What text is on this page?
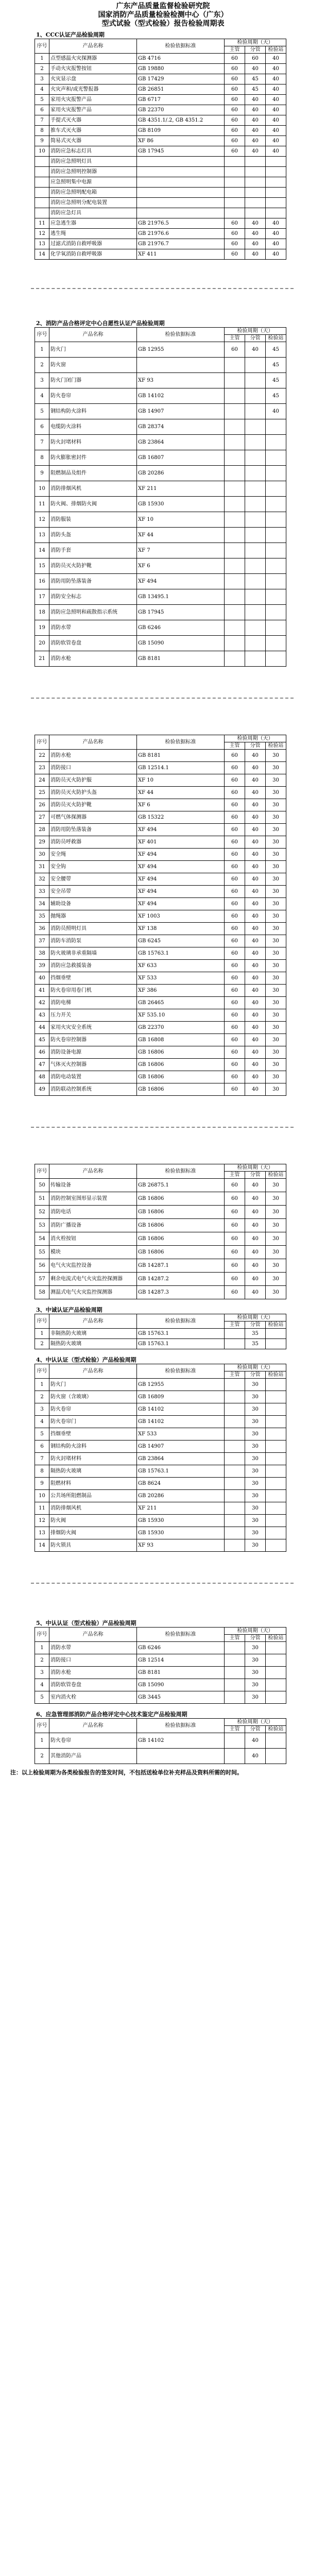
广东产品质量监督检验研究院
国家消防产品质量检验检测中心（广东）
型式试验（型式检验）报告检验周期表
1、CCC认证产品检验周期
序号	产品名称	检验依据标准	检验周期（天）		
			主管	分管	检验站
1	点型感温火灾探测器	GB 4716	60	60	40
2	手动火灾报警按钮	GB 19880	60	40	40
3	火灾显示盘	GB 17429	60	45	40
4	火灾声和/或光警报器	GB 26851	60	45	40
5	家用火灾报警产品	GB 6717	60	40	40
6	家用火灾报警产品	GB 22370	60	40	40
7	手提式灭火器	GB 4351.1/.2, GB 4351.2	60	40	40
8	推车式灭火器	GB 8109	60	40	40
9	简易式灭火器	XF 86	60	40	40
10	消防应急标志灯具	GB 17945	60	40	40
	消防应急照明灯具				
	消防应急照明控制器				
	应急照明集中电源				
	消防应急照明配电箱				
	消防应急照明分配电装置				
	消防应急灯具				
11	应急逃生器	GB 21976.5	60	40	40
12	逃生绳	GB 21976.6	60	40	40
13	过滤式消防自救呼吸器	GB 21976.7	60	40	40
14	化学氧消防自救呼吸器	XF 411	60	40	40
2、消防产品合格评定中心自愿性认证产品检验周期
序号	产品名称	检验依据标准	检验周期（天）		
			主管	分管	检验站
1	防火门	GB 12955	60	40	45
2	防火窗				45
3	防火门闭门器	XF 93			45
4	防火卷帘	GB 14102			45
5	钢结构防火涂料	GB 14907			40
6	电缆防火涂料	GB 28374			
7	防火封堵材料	GB 23864			
8	防火膨胀密封件	GB 16807			
9	阻燃制品及组件	GB 20286			
10	消防排烟风机	XF 211			
11	防火阀、排烟防火阀	GB 15930			
12	消防服装	XF 10			
13	消防头盔	XF 44			
14	消防手套	XF 7			
15	消防员灭火防护靴	XF 6			
16	消防用防坠落装备	XF 494			
17	消防安全标志	GB 13495.1			
18	消防应急照明和疏散指示系统	GB 17945			
19	消防水带	GB 6246			
20	消防软管卷盘	GB 15090			
21	消防水枪	GB 8181			
序号	产品名称	检验依据标准	检验周期（天）		
			主管	分管	检验站
22	消防水枪	GB 8181	60	40	30
23	消防接口	GB 12514.1	60	40	30
24	消防员灭火防护服	XF 10	60	40	30
25	消防员灭火防护头盔	XF 44	60	40	30
26	消防员灭火防护靴	XF 6	60	40	30
27	可燃气体探测器	GB 15322	60	40	30
28	消防用防坠落装备	XF 494	60	40	30
29	消防员呼救器	XF 401	60	40	30
30	安全绳	XF 494	60	40	30
31	安全钩	XF 494	60	40	30
32	安全腰带	XF 494	60	40	30
33	安全吊带	XF 494	60	40	30
34	辅助设备	XF 494	60	40	30
35	抛绳器	XF 1003	60	40	30
36	消防员照明灯具	XF 138	60	40	30
37	消防车消防泵	GB 6245	60	40	30
38	防火玻璃非承重隔墙	GB 15763.1	60	40	30
39	消防应急救援装备	XF 633	60	40	30
40	挡烟垂壁	XF 533	60	40	30
41	防火卷帘用卷门机	XF 386	60	40	30
42	消防电梯	GB 26465	60	40	30
43	压力开关	XF 535.10	60	40	30
44	家用火灾安全系统	GB 22370	60	40	30
45	防火卷帘控制器	GB 16808	60	40	30
46	消防设备电源	GB 16806	60	40	30
47	气体灭火控制器	GB 16806	60	40	30
48	消防电动装置	GB 16806	60	40	30
49	消防联动控制系统	GB 16806	60	40	30
序号	产品名称	检验依据标准	检验周期（天）		
			主管	分管	检验站
50	传输设备	GB 26875.1	60	40	30
51	消防控制室图形显示装置	GB 16806	60	40	30
52	消防电话	GB 16806	60	40	30
53	消防广播设备	GB 16806	60	40	30
54	消火栓按钮	GB 16806	60	40	30
55	模块	GB 16806	60	40	30
56	电气火灾监控设备	GB 14287.1	60	40	30
57	剩余电流式电气火灾监控探测器	GB 14287.2	60	40	30
58	测温式电气火灾监控探测器	GB 14287.3	60	40	30
3、中诚认证产品检验周期
序号	产品名称	检验依据标准	检验周期（天）		
			主管	分管	检验站
1	非隔热防火玻璃	GB 15763.1		35	
2	隔热防火玻璃	GB 15763.1		35	
4、中认认证（型式检验）产品检验周期
序号	产品名称	检验依据标准	检验周期（天）		
			主管	分管	检验站
1	防火门	GB 12955		30	
2	防火窗（含玻璃）	GB 16809		30	
3	防火卷帘	GB 14102		30	
4	防火卷帘门	GB 14102		30	
5	挡烟垂壁	XF 533		30	
6	钢结构防火涂料	GB 14907		30	
7	防火封堵材料	GB 23864		30	
8	隔热防火玻璃	GB 15763.1		30	
9	阻燃材料	GB 8624		30	
10	公共场所阻燃制品	GB 20286		30	
11	消防排烟风机	XF 211		30	
12	防火阀	GB 15930		30	
13	排烟防火阀	GB 15930		30	
14	防火锁具	XF 93		30	
5、中认认证（型式检验）产品检验周期
序号	产品名称	检验依据标准	检验周期（天）		
			主管	分管	检验站
1	消防水带	GB 6246		30	
2	消防接口	GB 12514		30	
3	消防水枪	GB 8181		30	
4	消防软管卷盘	GB 15090		30	
5	室内消火栓	GB 3445		30	
6、应急管理部消防产品合格评定中心技术鉴定产品检验周期
序号	产品名称	检验依据标准	检验周期（天）		
			主管	分管	检验站
1	防火卷帘	GB 14102		40	
2	其他消防产品			40	
注：以上检验周期为各类检验报告的签发时间，不包括送检单位补充样品及资料所需的时间。
